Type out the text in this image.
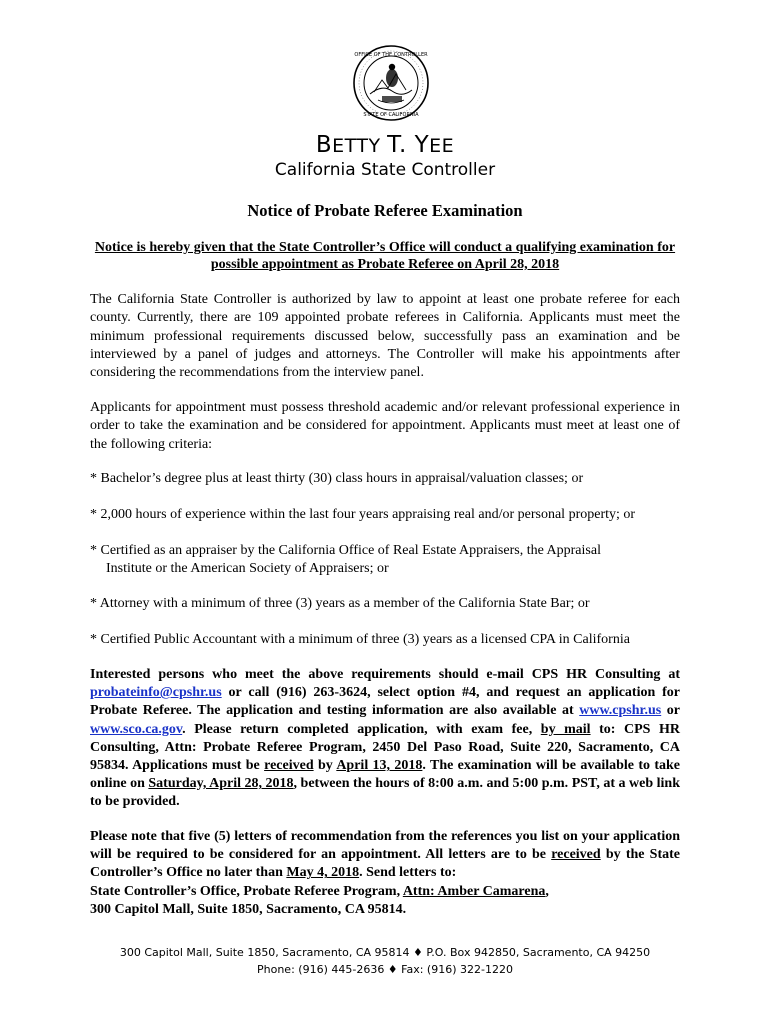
OFFICE OF THE CONTROLLER
STATE OF CALIFORNIA
BETTY T. YEE
California State Controller
Notice of Probate Referee Examination
Notice is hereby given that the State Controller’s Office will conduct a qualifying examination for possible appointment as Probate Referee on April 28, 2018
The California State Controller is authorized by law to appoint at least one probate referee for each county. Currently, there are 109 appointed probate referees in California. Applicants must meet the minimum professional requirements discussed below, successfully pass an examination and be interviewed by a panel of judges and attorneys. The Controller will make his appointments after considering the recommendations from the interview panel.
Applicants for appointment must possess threshold academic and/or relevant professional experience in order to take the examination and be considered for appointment. Applicants must meet at least one of the following criteria:
* Bachelor’s degree plus at least thirty (30) class hours in appraisal/valuation classes; or
* 2,000 hours of experience within the last four years appraising real and/or personal property; or
* Certified as an appraiser by the California Office of Real Estate Appraisers, the Appraisal
Institute or the American Society of Appraisers; or
* Attorney with a minimum of three (3) years as a member of the California State Bar; or
* Certified Public Accountant with a minimum of three (3) years as a licensed CPA in California
Interested persons who meet the above requirements should e-mail CPS HR Consulting at probateinfo@cpshr.us or call (916) 263-3624, select option #4, and request an application for Probate Referee. The application and testing information are also available at www.cpshr.us or www.sco.ca.gov. Please return completed application, with exam fee, by mail to: CPS HR Consulting, Attn: Probate Referee Program, 2450 Del Paso Road, Suite 220, Sacramento, CA 95834. Applications must be received by April 13, 2018. The examination will be available to take online on Saturday, April 28, 2018, between the hours of 8:00 a.m. and 5:00 p.m. PST, at a web link to be provided.
Please note that five (5) letters of recommendation from the references you list on your application will be required to be considered for an appointment. All letters are to be received by the State Controller’s Office no later than May 4, 2018. Send letters to:
State Controller’s Office, Probate Referee Program, Attn: Amber Camarena,
300 Capitol Mall, Suite 1850, Sacramento, CA 95814.
300 Capitol Mall, Suite 1850, Sacramento, CA 95814 ♦ P.O. Box 942850, Sacramento, CA 94250
Phone: (916) 445-2636 ♦ Fax: (916) 322-1220
